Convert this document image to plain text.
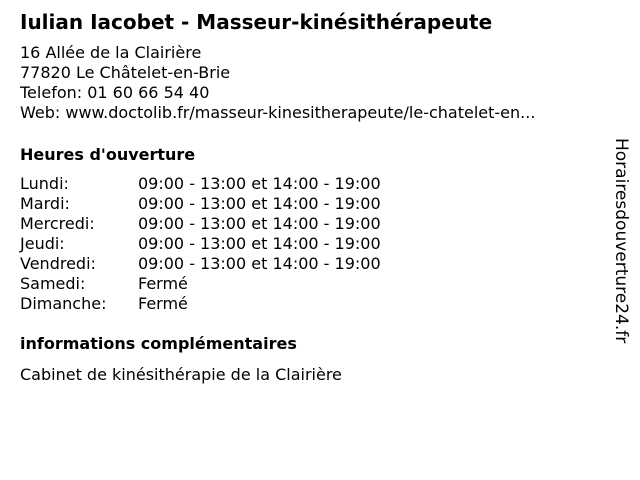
Iulian Iacobet - Masseur-kinésithérapeute
16 Allée de la Clairière
77820 Le Châtelet-en-Brie
Telefon: 01 60 66 54 40
Web: www.doctolib.fr/masseur-kinesitherapeute/le-chatelet-en...
Heures d'ouverture
Lundi:	09:00 - 13:00 et 14:00 - 19:00
Mardi:	09:00 - 13:00 et 14:00 - 19:00
Mercredi:	09:00 - 13:00 et 14:00 - 19:00
Jeudi:	09:00 - 13:00 et 14:00 - 19:00
Vendredi:	09:00 - 13:00 et 14:00 - 19:00
Samedi:	Fermé
Dimanche:	Fermé
informations complémentaires
Cabinet de kinésithérapie de la Clairière
Horairesdouverture24.fr
